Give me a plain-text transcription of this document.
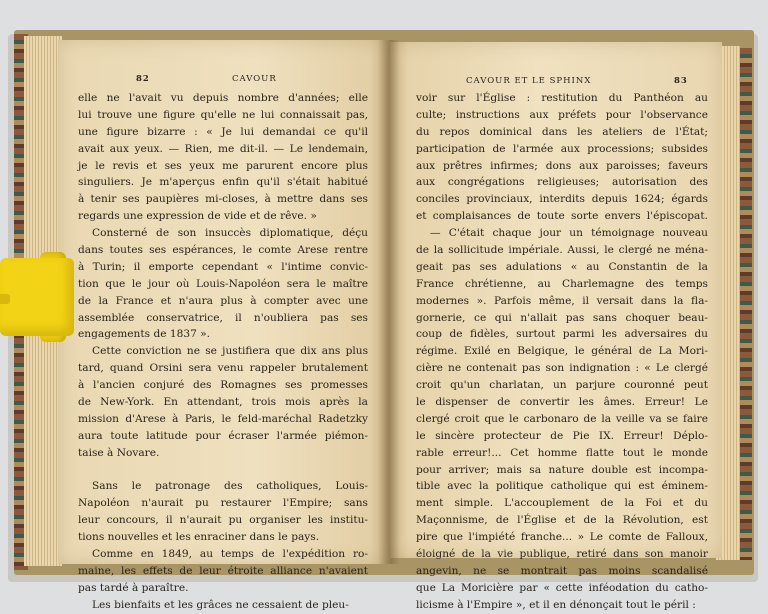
82	CAVOUR
elle ne l'avait vu depuis nombre d'années; elle
lui trouve une figure qu'elle ne lui connaissait pas,
une figure bizarre : « Je lui demandai ce qu'il
avait aux yeux. — Rien, me dit-il. — Le lendemain,
je le revis et ses yeux me parurent encore plus
singuliers. Je m'aperçus enfin qu'il s'était habitué
à tenir ses paupières mi-closes, à mettre dans ses
regards une expression de vide et de rêve. »
Consterné de son insuccès diplomatique, déçu
dans toutes ses espérances, le comte Arese rentre
à Turin; il emporte cependant « l'intime convic-
tion que le jour où Louis-Napoléon sera le maître
de la France et n'aura plus à compter avec une
assemblée conservatrice, il n'oubliera pas ses
engagements de 1837 ».
Cette conviction ne se justifiera que dix ans plus
tard, quand Orsini sera venu rappeler brutalement
à l'ancien conjuré des Romagnes ses promesses
de New-York. En attendant, trois mois après la
mission d'Arese à Paris, le feld-maréchal Radetzky
aura toute latitude pour écraser l'armée piémon-
taise à Novare.
Sans le patronage des catholiques, Louis-
Napoléon n'aurait pu restaurer l'Empire; sans
leur concours, il n'aurait pu organiser les institu-
tions nouvelles et les enraciner dans le pays.
Comme en 1849, au temps de l'expédition ro-
maine, les effets de leur étroite alliance n'avaient
pas tardé à paraître.
Les bienfaits et les grâces ne cessaient de pleu-
CAVOUR ET LE SPHINX	83
voir sur l'Église : restitution du Panthéon au
culte; instructions aux préfets pour l'observance
du repos dominical dans les ateliers de l'État;
participation de l'armée aux processions; subsides
aux prêtres infirmes; dons aux paroisses; faveurs
aux congrégations religieuses; autorisation des
conciles provinciaux, interdits depuis 1624; égards
et complaisances de toute sorte envers l'épiscopat.
— C'était chaque jour un témoignage nouveau
de la sollicitude impériale. Aussi, le clergé ne ména-
geait pas ses adulations « au Constantin de la
France chrétienne, au Charlemagne des temps
modernes ». Parfois même, il versait dans la fla-
gornerie, ce qui n'allait pas sans choquer beau-
coup de fidèles, surtout parmi les adversaires du
régime. Exilé en Belgique, le général de La Mori-
cière ne contenait pas son indignation : « Le clergé
croit qu'un charlatan, un parjure couronné peut
le dispenser de convertir les âmes. Erreur! Le
clergé croit que le carbonaro de la veille va se faire
le sincère protecteur de Pie IX. Erreur! Déplo-
rable erreur!... Cet homme flatte tout le monde
pour arriver; mais sa nature double est incompa-
tible avec la politique catholique qui est éminem-
ment simple. L'accouplement de la Foi et du
Maçonnisme, de l'Église et de la Révolution, est
pire que l'impiété franche... » Le comte de Falloux,
éloigné de la vie publique, retiré dans son manoir
angevin, ne se montrait pas moins scandalisé
que La Moricière par « cette inféodation du catho-
licisme à l'Empire », et il en dénonçait tout le péril :
